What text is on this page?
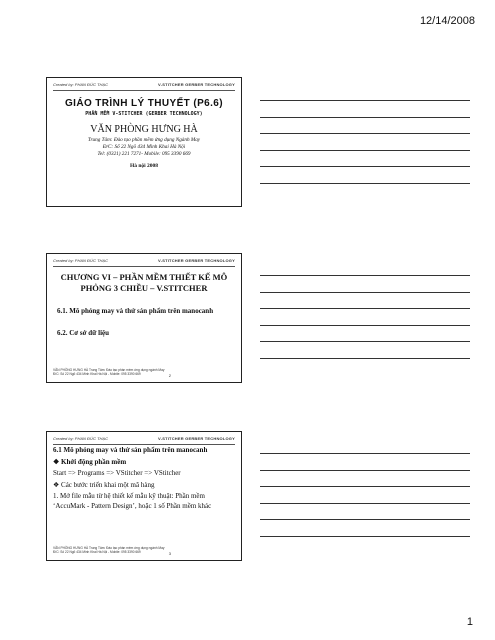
12/14/2008
Created by: PHAN ĐỨC THẠC	V-STITCHER GERBER TECHNOLOGY
GIÁO TRÌNH LÝ THUYẾT (P6.6)
PHẦN MỀM V-STITCHER (GERBER TECHNOLOGY)
VĂN PHÒNG HƯNG HÀ
Trung Tâm: Đào tạo phần mềm ứng dụng Ngành May
Đ/C: Số 22 Ngõ 434 Minh Khai Hà Nội
Tel: (0321) 221 7271- Mobile: 095 3390 669
Hà nội 2008
Created by: PHAN ĐỨC THẠC	V-STITCHER GERBER TECHNOLOGY
CHƯƠNG VI – PHẦN MỀM THIẾT KẾ MÔ PHỎNG 3 CHIỀU – V.STITCHER
6.1. Mô phỏng may và thử sản phẩm trên manocanh
6.2. Cơ sở dữ liệu
VĂN PHÒNG HƯNG HÀ Trung Tâm: Đào tạo phần mềm ứng dụng ngành May
Đ/C: Số 22 Ngõ 434 Minh Khai Hà Nội - Mobile: 095 3390 669	2
Created by: PHAN ĐỨC THẠC	V-STITCHER GERBER TECHNOLOGY

6.1 Mô phỏng may và thử sản phẩm trên manocanh

❖ Khởi động phần mềm

Start => Programs => VStitcher => VStitcher

❖ Các bước triển khai một mã hàng

1. Mở file mẫu từ hệ thiết kế mẫu kỹ thuật: Phần mềm ‘AccuMark - Pattern Design’, hoặc 1 số Phần mềm khác

VĂN PHÒNG HƯNG HÀ Trung Tâm: Đào tạo phần mềm ứng dụng ngành May
Đ/C: Số 22 Ngõ 434 Minh Khai Hà Nội - Mobile: 095 3390 669	3
1
